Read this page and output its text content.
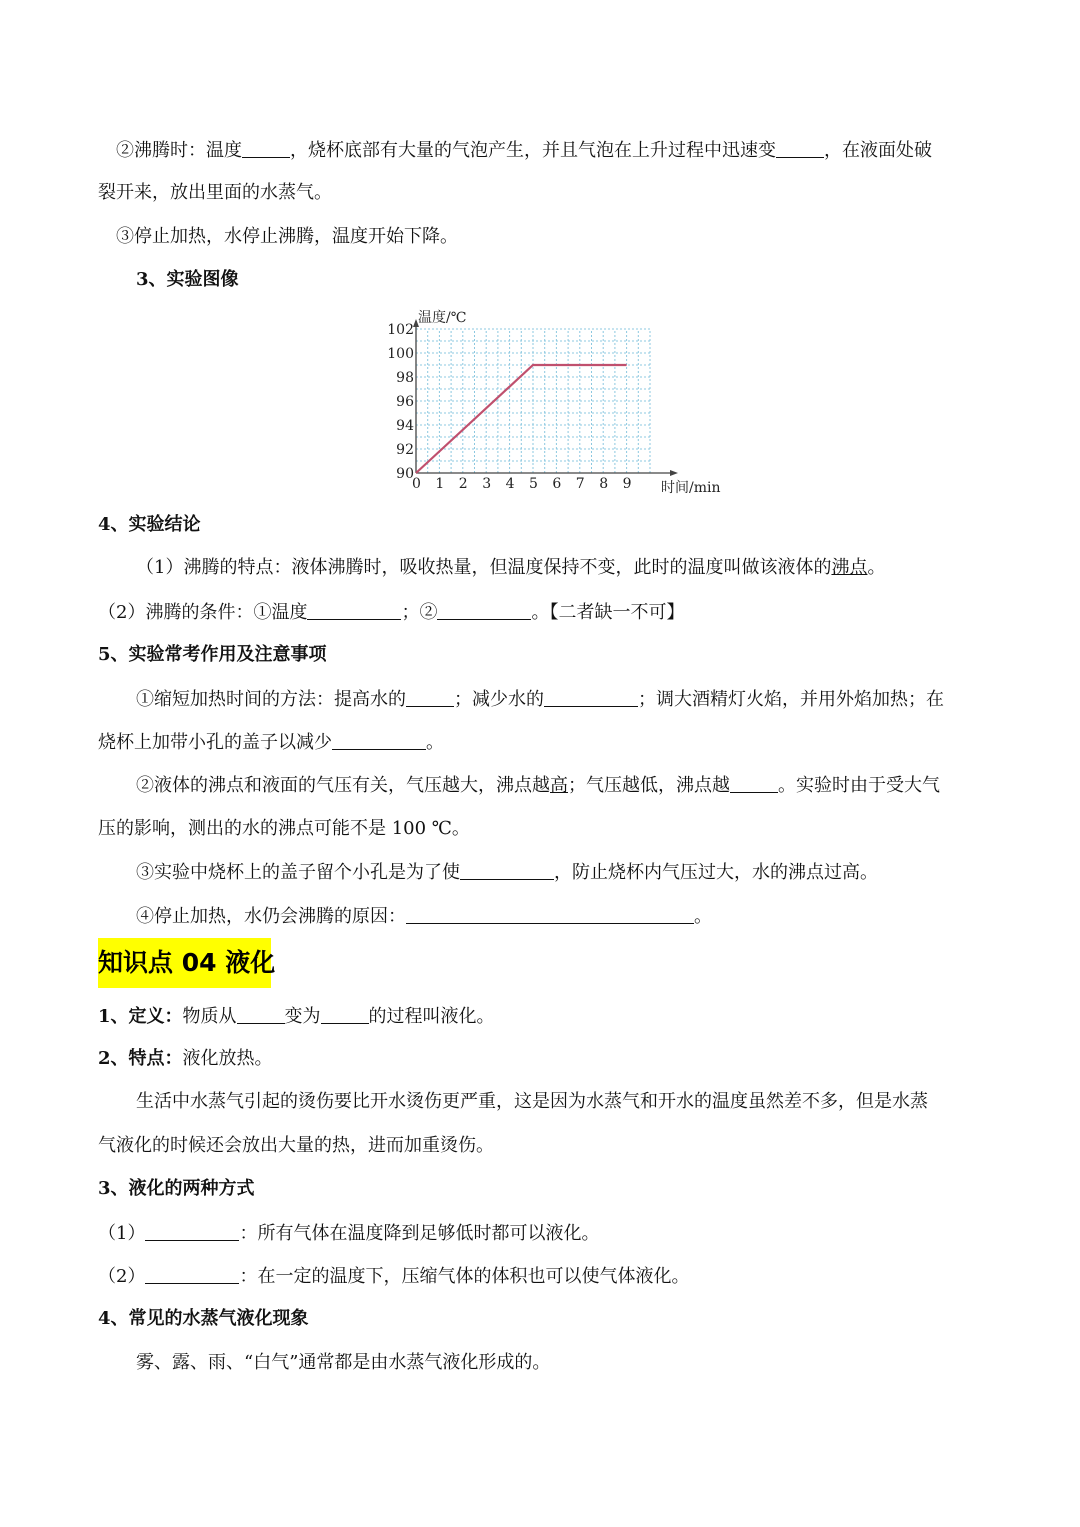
②沸腾时：温度	，烧杯底部有大量的气泡产生，并且气泡在上升过程中迅速变	，在液面处破
裂开来，放出里面的水蒸气。
③停止加热，水停止沸腾，温度开始下降。
3、实验图像
0 1 2 3 4 5 6 7 8 9
90
92
94
96
98
100
102
温度/℃
时间/min
4、实验结论
（1）沸腾的特点：液体沸腾时，吸收热量，但温度保持不变，此时的温度叫做该液体的沸点。
（2）沸腾的条件：①温度	；②	。【二者缺一不可】
5、实验常考作用及注意事项
①缩短加热时间的方法：提高水的	；减少水的	；调大酒精灯火焰，并用外焰加热；在
烧杯上加带小孔的盖子以减少	。
②液体的沸点和液面的气压有关，气压越大，沸点越高；气压越低，沸点越	。实验时由于受大气
压的影响，测出的水的沸点可能不是 100 ℃。
③实验中烧杯上的盖子留个小孔是为了使	，防止烧杯内气压过大，水的沸点过高。
④停止加热，水仍会沸腾的原因：	。
知识点 04 液化
1、定义：物质从	变为	的过程叫液化。
2、特点：液化放热。
生活中水蒸气引起的烫伤要比开水烫伤更严重，这是因为水蒸气和开水的温度虽然差不多，但是水蒸
气液化的时候还会放出大量的热，进而加重烫伤。
3、液化的两种方式
（1）	：所有气体在温度降到足够低时都可以液化。
（2）	：在一定的温度下，压缩气体的体积也可以使气体液化。
4、常见的水蒸气液化现象
雾、露、雨、“白气”通常都是由水蒸气液化形成的。
